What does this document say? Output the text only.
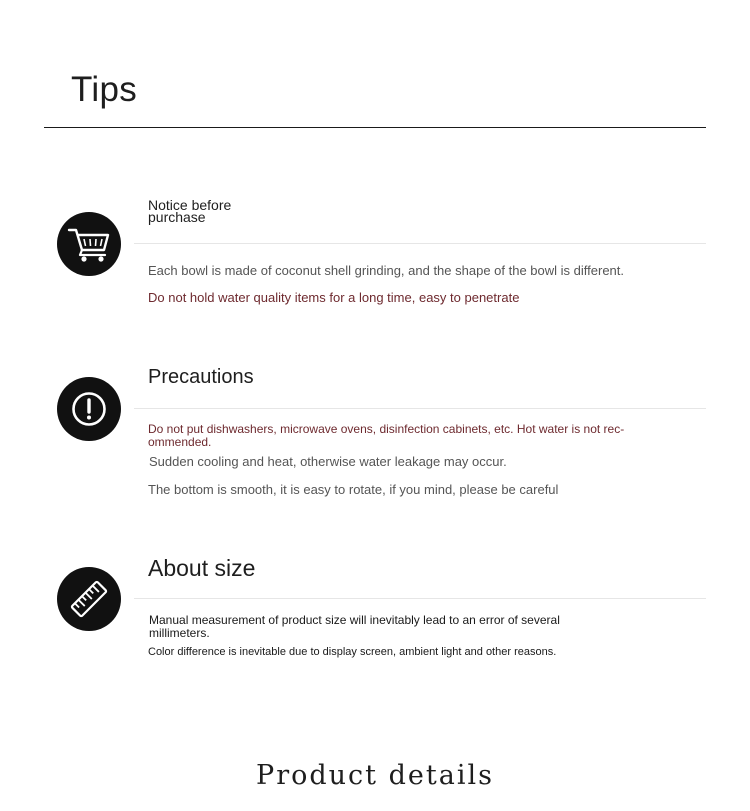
Tips
Notice before purchase
Each bowl is made of coconut shell grinding, and the shape of the bowl is different.
Do not hold water quality items for a long time, easy to penetrate
Precautions
Do not put dishwashers, microwave ovens, disinfection cabinets, etc. Hot water is not rec-ommended.
Sudden cooling and heat, otherwise water leakage may occur.
The bottom is smooth, it is easy to rotate, if you mind, please be careful
About size
Manual measurement of product size will inevitably lead to an error of several millimeters.
Color difference is inevitable due to display screen, ambient light and other reasons.
Product details
